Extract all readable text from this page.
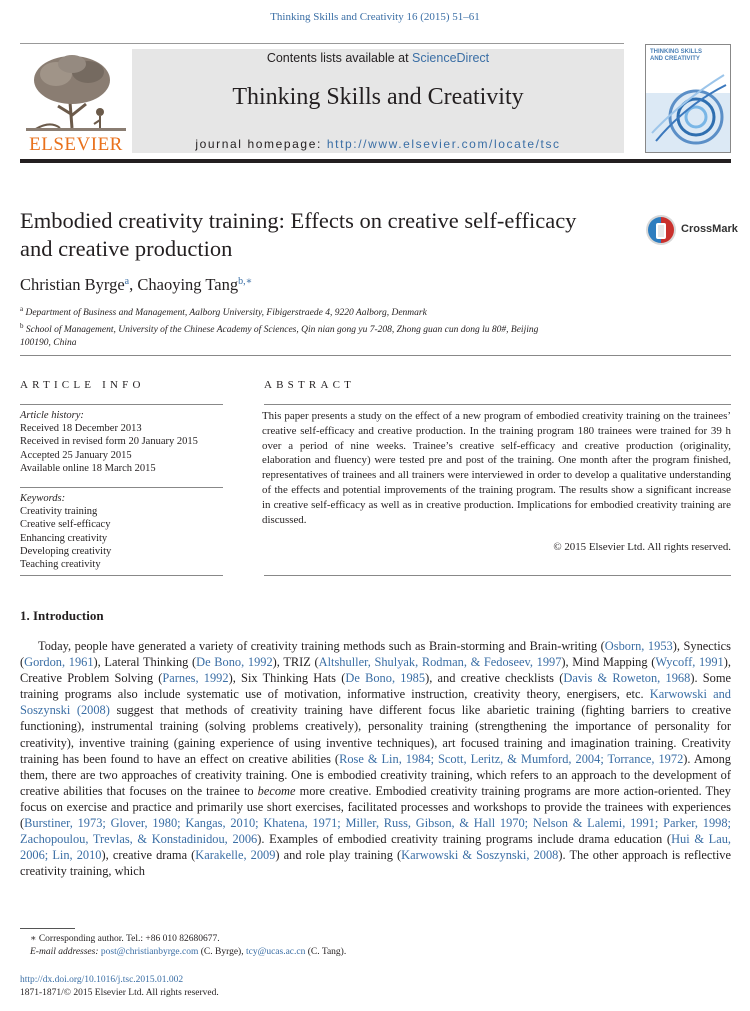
Thinking Skills and Creativity 16 (2015) 51–61
ELSEVIER
Contents lists available at ScienceDirect
Thinking Skills and Creativity
journal homepage: http://www.elsevier.com/locate/tsc
THINKING SKILLS
AND CREATIVITY
Embodied creativity training: Effects on creative self-efficacy
and creative production
CrossMark
Christian Byrge$^a$, Chaoying Tang$^{b,∗}$
$^a$ Department of Business and Management, Aalborg University, Fibigerstraede 4, 9220 Aalborg, Denmark
$^b$ School of Management, University of the Chinese Academy of Sciences, Qin nian gong yu 7-208, Zhong guan cun dong lu 80#, Beijing
100190, China
ARTICLE INFO	ABSTRACT
Article history:
Received 18 December 2013
Received in revised form 20 January 2015
Accepted 25 January 2015
Available online 18 March 2015
Keywords:
Creativity training
Creative self-efficacy
Enhancing creativity
Developing creativity
Teaching creativity
This paper presents a study on the effect of a new program of embodied creativity training on the trainees’ creative self-efficacy and creative production. In the training program 180 trainees were trained for 39 h over a period of nine weeks. Trainee’s creative self-efficacy and creative production (originality, elaboration and fluency) were tested pre and post of the training. One month after the program finished, representatives of trainees and all trainers were interviewed in order to develop a qualitative understanding of the effects and potential improvements of the training program. The results show a significant increase in creative self-efficacy as well as in creative production. Implications for embodied creativity training are discussed.
© 2015 Elsevier Ltd. All rights reserved.
1. Introduction
Today, people have generated a variety of creativity training methods such as Brain-storming and Brain-writing (Osborn, 1953), Synectics (Gordon, 1961), Lateral Thinking (De Bono, 1992), TRIZ (Altshuller, Shulyak, Rodman, & Fedoseev, 1997), Mind Mapping (Wycoff, 1991), Creative Problem Solving (Parnes, 1992), Six Thinking Hats (De Bono, 1985), and creative checklists (Davis & Roweton, 1968). Some training programs also include systematic use of motivation, informative instruction, creativity theory, energisers, etc. Karwowski and Soszynski (2008) suggest that methods of creativity training have different focus like abarietic training (fighting barriers to creative functioning), instrumental training (solving problems creatively), personality training (strengthening the importance of personality for creativity), inventive training (gaining experience of using inventive techniques), art focused training and imagination training. Creativity training has been found to have an effect on creative abilities (Rose & Lin, 1984; Scott, Leritz, & Mumford, 2004; Torrance, 1972). Among them, there are two approaches of creativity training. One is embodied creativity training, which refers to an approach to the development of creative abilities that focuses on the trainee to become more creative. Embodied creativity training programs are more action-oriented. They focus on exercise and practice and primarily use short exercises, facilitated processes and workshops to provide the trainees with experiences (Burstiner, 1973; Glover, 1980; Kangas, 2010; Khatena, 1971; Miller, Russ, Gibson, & Hall 1970; Nelson & Lalemi, 1991; Parker, 1998; Zachopoulou, Trevlas, & Konstadinidou, 2006). Examples of embodied creativity training programs include drama education (Hui & Lau, 2006; Lin, 2010), creative drama (Karakelle, 2009) and role play training (Karwowski & Soszynski, 2008). The other approach is reflective creativity training, which
∗ Corresponding author. Tel.: +86 010 82680677.
E-mail addresses: post@christianbyrge.com (C. Byrge), tcy@ucas.ac.cn (C. Tang).
http://dx.doi.org/10.1016/j.tsc.2015.01.002
1871-1871/© 2015 Elsevier Ltd. All rights reserved.
